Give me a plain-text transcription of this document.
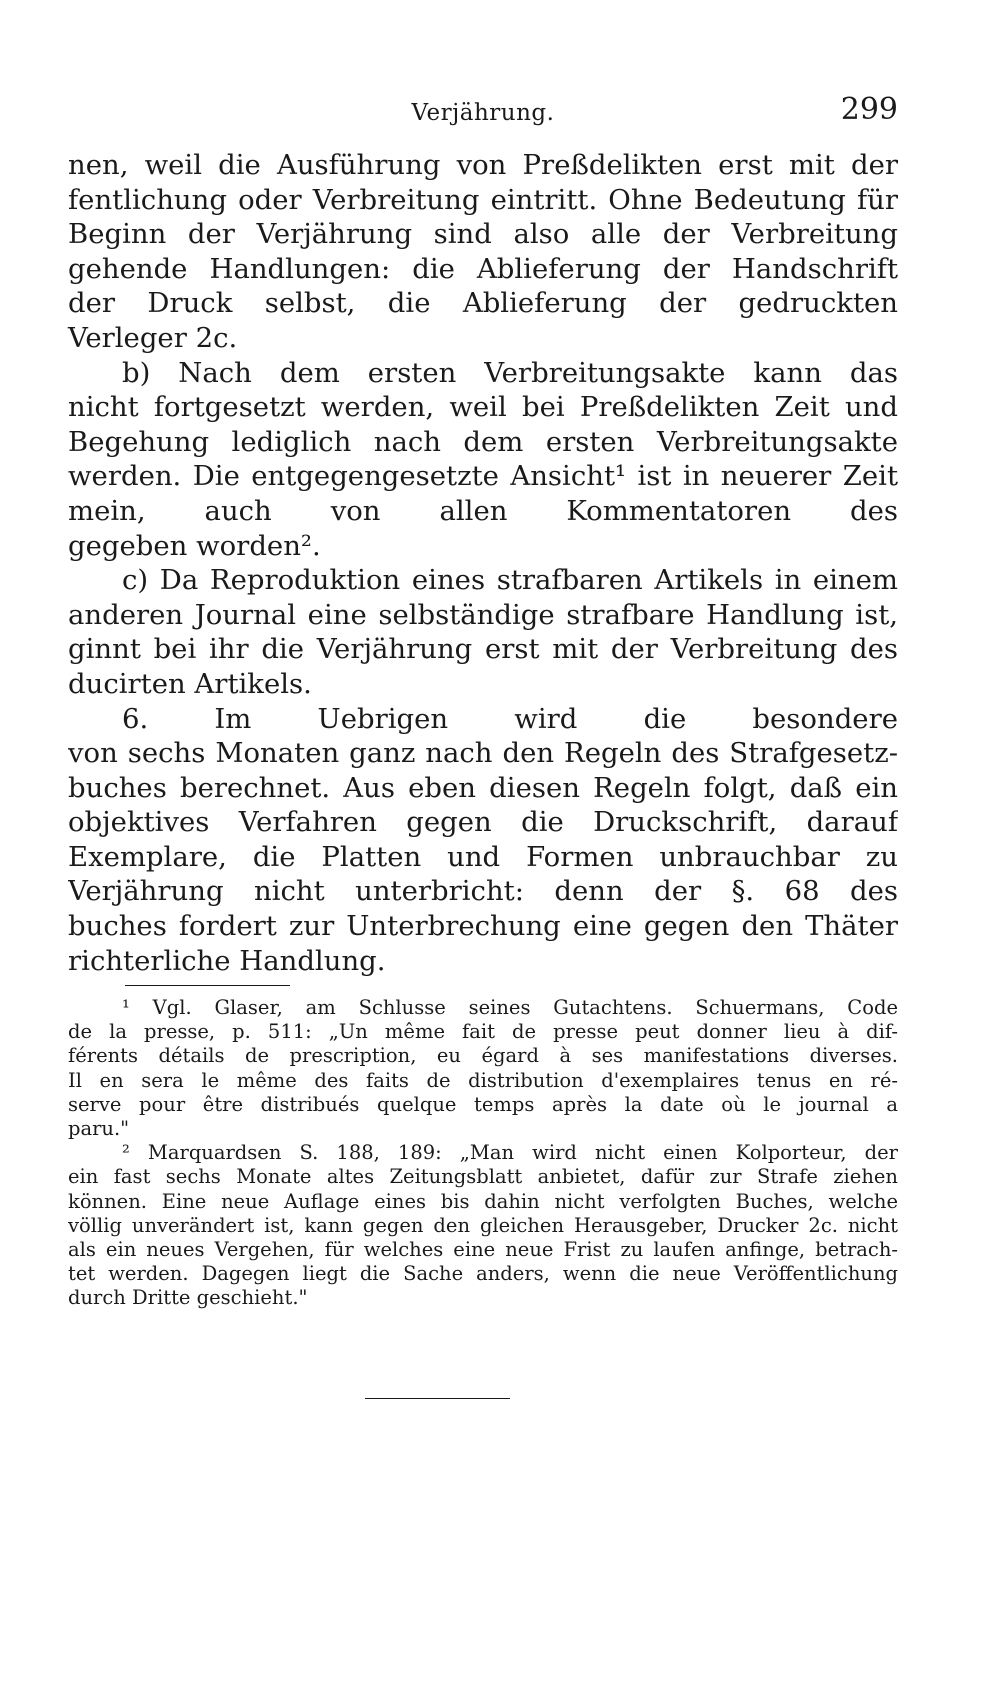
Verjährung.	299
nen, weil die Ausführung von Preßdelikten erst mit der
fentlichung oder Verbreitung eintritt. Ohne Bedeutung für
Beginn der Verjährung sind also alle der Verbreitung
gehende Handlungen: die Ablieferung der Handschrift
der Druck selbst, die Ablieferung der gedruckten
Verleger 2c.
b) Nach dem ersten Verbreitungsakte kann das
nicht fortgesetzt werden, weil bei Preßdelikten Zeit und
Begehung lediglich nach dem ersten Verbreitungsakte
werden. Die entgegengesetzte Ansicht¹ ist in neuerer Zeit
mein, auch von allen Kommentatoren des
gegeben worden².
c) Da Reproduktion eines strafbaren Artikels in einem
anderen Journal eine selbständige strafbare Handlung ist,
ginnt bei ihr die Verjährung erst mit der Verbreitung des
ducirten Artikels.
6. Im Uebrigen wird die besondere
von sechs Monaten ganz nach den Regeln des Strafgesetz-
buches berechnet. Aus eben diesen Regeln folgt, daß ein
objektives Verfahren gegen die Druckschrift, darauf
Exemplare, die Platten und Formen unbrauchbar zu
Verjährung nicht unterbricht: denn der §. 68 des
buches fordert zur Unterbrechung eine gegen den Thäter
richterliche Handlung.
¹ Vgl. Glaser, am Schlusse seines Gutachtens. Schuermans, Code
de la presse, p. 511: „Un même fait de presse peut donner lieu à dif-
férents détails de prescription, eu égard à ses manifestations diverses.
Il en sera le même des faits de distribution d'exemplaires tenus en ré-
serve pour être distribués quelque temps après la date où le journal a
paru."
² Marquardsen S. 188, 189: „Man wird nicht einen Kolporteur, der
ein fast sechs Monate altes Zeitungsblatt anbietet, dafür zur Strafe ziehen
können. Eine neue Auflage eines bis dahin nicht verfolgten Buches, welche
völlig unverändert ist, kann gegen den gleichen Herausgeber, Drucker 2c. nicht
als ein neues Vergehen, für welches eine neue Frist zu laufen anfinge, betrach-
tet werden. Dagegen liegt die Sache anders, wenn die neue Veröffentlichung
durch Dritte geschieht."
